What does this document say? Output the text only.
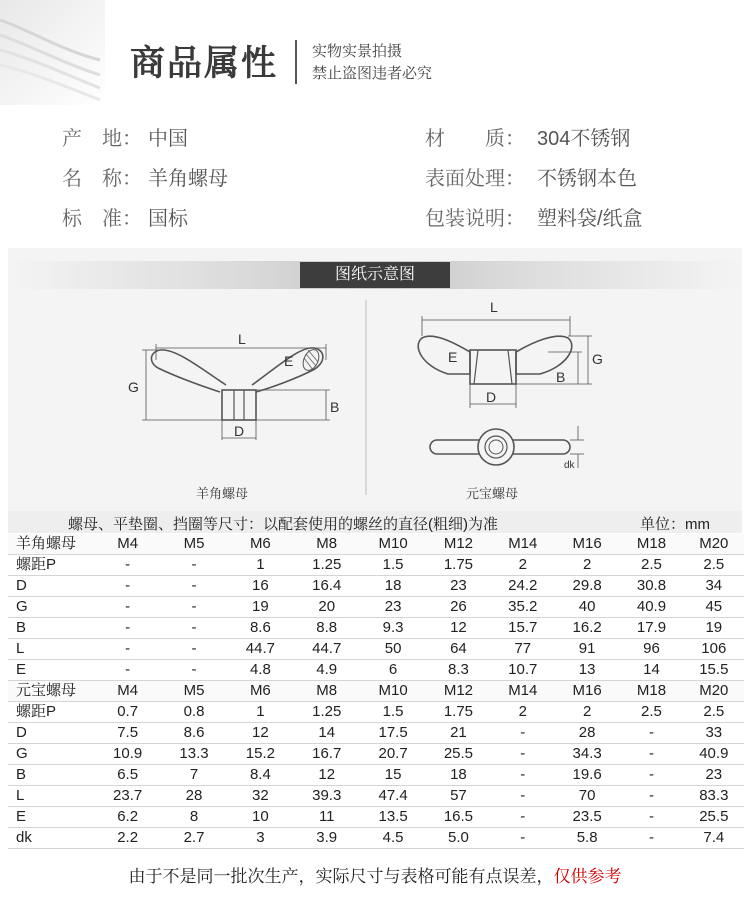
商品属性 实物实景拍摄
禁止盗图违者必究
产　地： 中国
名　称： 羊角螺母
标　准： 国标
材　　质： 304不锈钢
表面处理： 不锈钢本色
包装说明： 塑料袋/纸盒
图纸示意图
L
G
B
D
E
L
G
B
D
E
dk
羊角螺母	元宝螺母
螺母、平垫圈、挡圈等尺寸：以配套使用的螺丝的直径(粗细)为准	单位：mm
羊角螺母	M4	M5	M6	M8	M10	M12	M14	M16	M18	M20
螺距P	-	-	1	1.25	1.5	1.75	2	2	2.5	2.5
D	-	-	16	16.4	18	23	24.2	29.8	30.8	34
G	-	-	19	20	23	26	35.2	40	40.9	45
B	-	-	8.6	8.8	9.3	12	15.7	16.2	17.9	19
L	-	-	44.7	44.7	50	64	77	91	96	106
E	-	-	4.8	4.9	6	8.3	10.7	13	14	15.5
元宝螺母	M4	M5	M6	M8	M10	M12	M14	M16	M18	M20
螺距P	0.7	0.8	1	1.25	1.5	1.75	2	2	2.5	2.5
D	7.5	8.6	12	14	17.5	21	-	28	-	33
G	10.9	13.3	15.2	16.7	20.7	25.5	-	34.3	-	40.9
B	6.5	7	8.4	12	15	18	-	19.6	-	23
L	23.7	28	32	39.3	47.4	57	-	70	-	83.3
E	6.2	8	10	11	13.5	16.5	-	23.5	-	25.5
dk	2.2	2.7	3	3.9	4.5	5.0	-	5.8	-	7.4
由于不是同一批次生产，实际尺寸与表格可能有点误差，仅供参考
